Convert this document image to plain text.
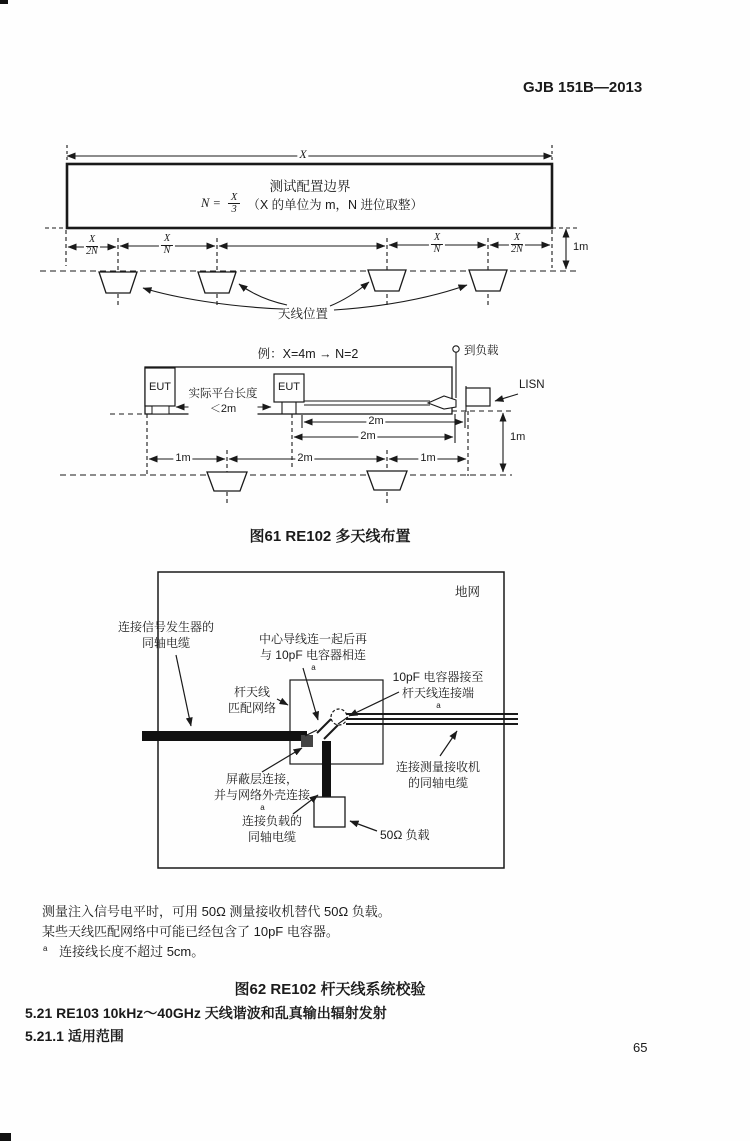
GJB 151B—2013
X
测试配置边界
$N = \frac{X}{3} (X$ 的单位为 m，N 进位取整）
$\frac{X}{2N}$	$\frac{X}{N}$	$\frac{X}{N}$	$\frac{X}{2N}$	1m
天线位置
例：X=4m → N=2
EUT	EUT
实际平台长度
＜2m
到负载
LISN
2m
2m
1m	2m	1m
1m
图61 RE102 多天线布置
地网
连接信号发生器的
同轴电缆	中心导线连一起后再
与 10pF 电容器相连
$^a$
10pF 电容器接至
杆天线连接端
$^a$
杆天线
匹配网络
屏蔽层连接，
并与网络外壳连接
$^a$
连接测量接收机
的同轴电缆
连接负载的
同轴电缆	50Ω 负载
测量注入信号电平时，可用 50Ω 测量接收机替代 50Ω 负载。
某些天线匹配网络中可能已经包含了 10pF 电容器。
$^a$ 连接线长度不超过 5cm。
图62 RE102 杆天线系统校验
5.21 RE103 10kHz～40GHz 天线谐波和乱真输出辐射发射
5.21.1 适用范围
65
